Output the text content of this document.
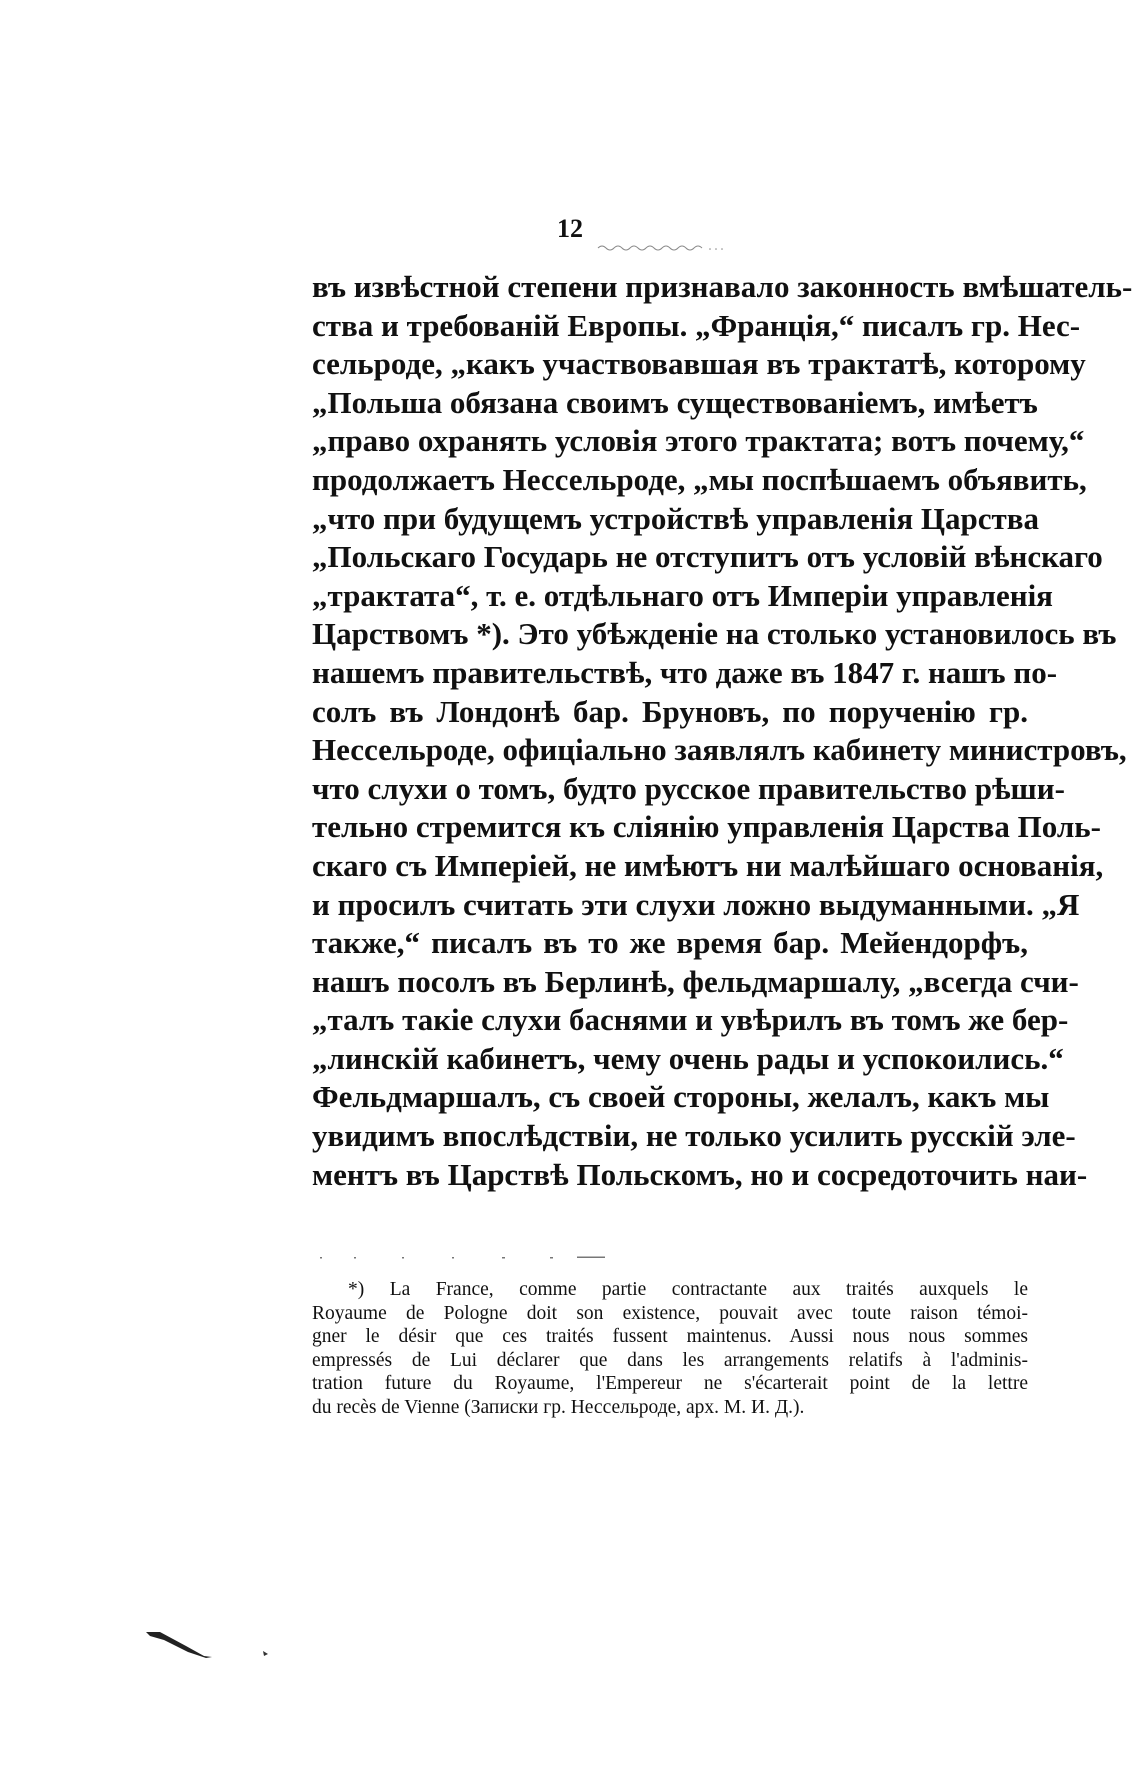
12
въ извѣстной степени признавало законность вмѣшатель-
ства и требованій Европы. „Франція,“ писалъ гр. Нес-
сельроде, „какъ участвовавшая въ трактатѣ, которому
„Польша обязана своимъ существованіемъ, имѣетъ
„право охранять условія этого трактата; вотъ почему,“
продолжаетъ Нессельроде, „мы поспѣшаемъ объявить,
„что при будущемъ устройствѣ управленія Царства
„Польскаго Государь не отступитъ отъ условій вѣнскаго
„трактата“, т. е. отдѣльнаго отъ Имперіи управленія
Царствомъ *). Это убѣжденіе на столько установилось въ
нашемъ правительствѣ, что даже въ 1847 г. нашъ по-
солъ въ Лондонѣ бар. Бруновъ, по порученію гр.
Нессельроде, офиціально заявлялъ кабинету министровъ,
что слухи о томъ, будто русское правительство рѣши-
тельно стремится къ сліянію управленія Царства Поль-
скаго съ Имперіей, не имѣютъ ни малѣйшаго основанія,
и просилъ считать эти слухи ложно выдуманными. „Я
также,“ писалъ въ то же время бар. Мейендорфъ,
нашъ посолъ въ Берлинѣ, фельдмаршалу, „всегда счи-
„талъ такіе слухи баснями и увѣрилъ въ томъ же бер-
„линскій кабинетъ, чему очень рады и успокоились.“
Фельдмаршалъ, съ своей стороны, желалъ, какъ мы
увидимъ впослѣдствіи, не только усилить русскій эле-
ментъ въ Царствѣ Польскомъ, но и сосредоточить наи-
*) La France, comme partie contractante aux traités auxquels le
Royaume de Pologne doit son existence, pouvait avec toute raison témoi-
gner le désir que ces traités fussent maintenus. Aussi nous nous sommes
empressés de Lui déclarer que dans les arrangements relatifs à l'adminis-
tration future du Royaume, l'Empereur ne s'écarterait point de la lettre
du recès de Vienne (Записки гр. Нессельроде, арх. М. И. Д.).
